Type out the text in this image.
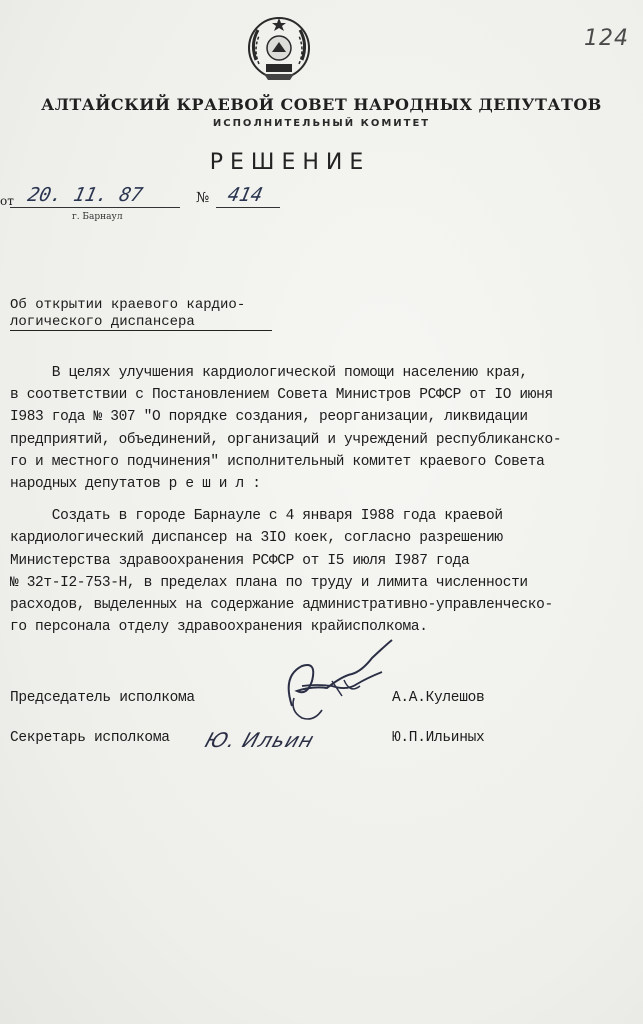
124
АЛТАЙСКИЙ КРАЕВОЙ СОВЕТ НАРОДНЫХ ДЕПУТАТОВ
ИСПОЛНИТЕЛЬНЫЙ КОМИТЕТ
РЕШЕНИЕ
от 20. 11. 87	№ 414
г. Барнаул
Об открытии краевого кардио-
логического диспансера

В целях улучшения кардиологической помощи населению края,

в соответствии с Постановлением Совета Министров РСФСР от IO июня

I983 года № 307 "О порядке создания, реорганизации, ликвидации

предприятий, объединений, организаций и учреждений республиканско-

го и местного подчинения" исполнительный комитет краевого Совета

народных депутатов р е ш и л :

Создать в городе Барнауле с 4 января I988 года краевой

кардиологический диспансер на 3IO коек, согласно разрешению

Министерства здравоохранения РСФСР от I5 июля I987 года

№ 32т-I2-753-Н, в пределах плана по труду и лимита численности

расходов, выделенных на содержание административно-управленческо-

го персонала отделу здравоохранения крайисполкома.

Председатель исполкома	А.А.Кулешов
Секретарь исполкома	Ю.П.Ильиных
Ю. Ильин
